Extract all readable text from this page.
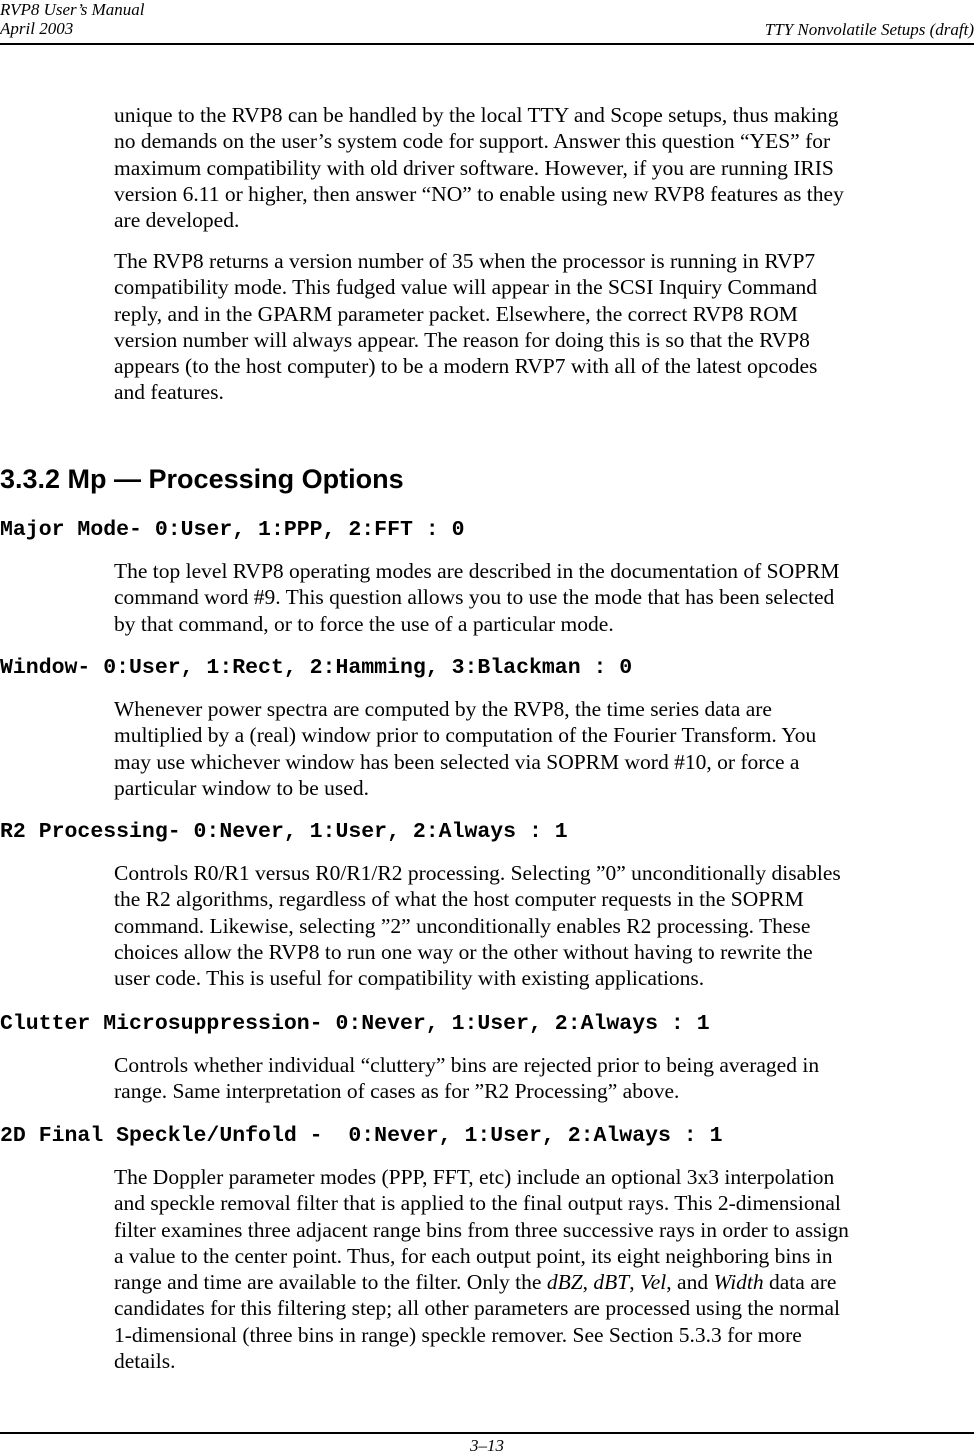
RVP8 User’s Manual
April 2003	TTY Nonvolatile Setups (draft)
unique to the RVP8 can be handled by the local TTY and Scope setups, thus making
no demands on the user’s system code for support. Answer this question “YES” for
maximum compatibility with old driver software. However, if you are running IRIS
version 6.11 or higher, then answer “NO” to enable using new RVP8 features as they
are developed.
The RVP8 returns a version number of 35 when the processor is running in RVP7
compatibility mode. This fudged value will appear in the SCSI Inquiry Command
reply, and in the GPARM parameter packet. Elsewhere, the correct RVP8 ROM
version number will always appear. The reason for doing this is so that the RVP8
appears (to the host computer) to be a modern RVP7 with all of the latest opcodes
and features.
3.3.2 Mp — Processing Options
Major Mode- 0:User, 1:PPP, 2:FFT : 0
The top level RVP8 operating modes are described in the documentation of SOPRM
command word #9. This question allows you to use the mode that has been selected
by that command, or to force the use of a particular mode.
Window- 0:User, 1:Rect, 2:Hamming, 3:Blackman : 0
Whenever power spectra are computed by the RVP8, the time series data are
multiplied by a (real) window prior to computation of the Fourier Transform. You
may use whichever window has been selected via SOPRM word #10, or force a
particular window to be used.
R2 Processing- 0:Never, 1:User, 2:Always : 1
Controls R0/R1 versus R0/R1/R2 processing. Selecting ”0” unconditionally disables
the R2 algorithms, regardless of what the host computer requests in the SOPRM
command. Likewise, selecting ”2” unconditionally enables R2 processing. These
choices allow the RVP8 to run one way or the other without having to rewrite the
user code. This is useful for compatibility with existing applications.
Clutter Microsuppression- 0:Never, 1:User, 2:Always : 1
Controls whether individual “cluttery” bins are rejected prior to being averaged in
range. Same interpretation of cases as for ”R2 Processing” above.
2D Final Speckle/Unfold -  0:Never, 1:User, 2:Always : 1
The Doppler parameter modes (PPP, FFT, etc) include an optional 3x3 interpolation
and speckle removal filter that is applied to the final output rays. This 2-dimensional
filter examines three adjacent range bins from three successive rays in order to assign
a value to the center point. Thus, for each output point, its eight neighboring bins in
range and time are available to the filter. Only the dBZ, dBT, Vel, and Width data are
candidates for this filtering step; all other parameters are processed using the normal
1-dimensional (three bins in range) speckle remover. See Section 5.3.3 for more
details.
3–13
